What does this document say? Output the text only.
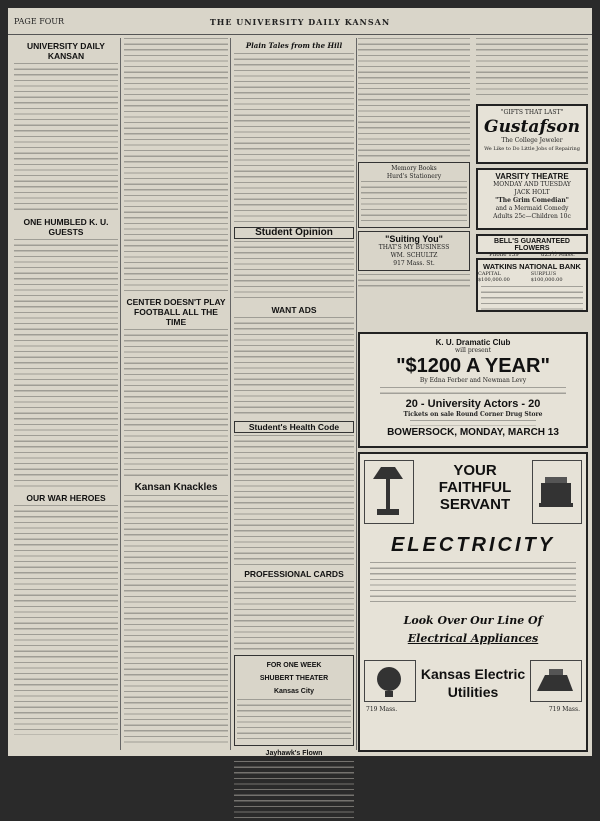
PAGE FOUR	THE UNIVERSITY DAILY KANSAN
UNIVERSITY DAILY KANSAN
ONE HUMBLED K. U. GUESTS
OUR WAR HEROES
CENTER DOESN'T PLAY FOOTBALL ALL THE TIME
Kansan Knackles
Plain Tales from the Hill
Student Opinion
WANT ADS
Student's Health Code
PROFESSIONAL CARDS
FOR ONE WEEK
SHUBERT THEATER
Kansas City
Jayhawk's Flown
Memory Books
Hurd's Stationery
"Suiting You"
THAT'S MY BUSINESS
WM. SCHULTZ
917 Mass. St.
"GIFTS THAT LAST"
Gustafson
The College Jeweler
We Like to Do Little Jobs of Repairing
VARSITY THEATRE
MONDAY AND TUESDAY
JACK HOLT
"The Grim Comedian"
and a Mermaid Comedy
Adults 25c—Children 10c
BELL'S GUARANTEED FLOWERS
Phone 139	825½ Mass.
WATKINS NATIONAL BANK
CAPITAL $100,000.00
SURPLUS $100,000.00
K. U. Dramatic Club
will present
"$1200 A YEAR"
By Edna Ferber and Newman Levy
20 - University Actors - 20
Tickets on sale Round Corner Drug Store
BOWERSOCK, MONDAY, MARCH 13
YOUR
FAITHFUL
SERVANT
ELECTRICITY
Look Over Our Line Of
Electrical Appliances
Kansas Electric
Utilities
719 Mass.	719 Mass.
